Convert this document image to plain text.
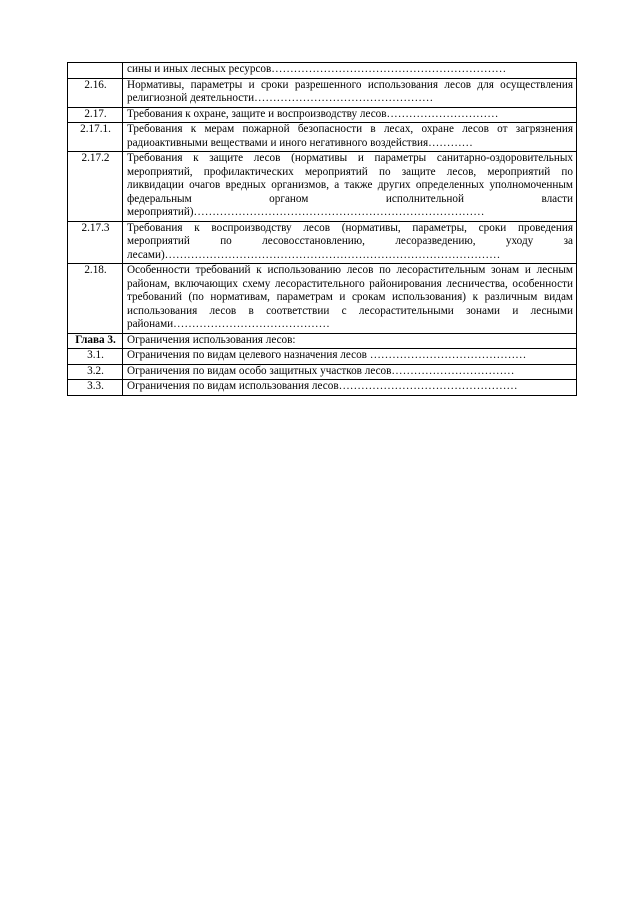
	сины и иных лесных ресурсов………………………………………………………
2.16.	Нормативы, параметры и сроки разрешенного использования лесов для осуществления религиозной деятельности…………………………………………
2.17.	Требования к охране, защите и воспроизводству лесов…………………………
2.17.1.	Требования к мерам пожарной безопасности в лесах, охране лесов от загрязнения радиоактивными веществами и иного негативного воздействия…………
2.17.2	Требования к защите лесов (нормативы и параметры санитарно-оздоровительных мероприятий, профилактических мероприятий по защите лесов, мероприятий по ликвидации очагов вредных организмов, а также других определенных уполномоченным федеральным органом исполнительной власти мероприятий)……………………………………………………………………
2.17.3	Требования к воспроизводству лесов (нормативы, параметры, сроки проведения мероприятий по лесовосстановлению, лесоразведению, уходу за лесами)………………………………………………………………………………
2.18.	Особенности требований к использованию лесов по лесорастительным зонам и лесным районам, включающих схему лесорастительного районирования лесничества, особенности требований (по нормативам, параметрам и срокам использования) к различным видам использования лесов в соответствии с лесорастительными зонами и лесными районами……………………………………
Глава 3.	Ограничения использования лесов:
3.1.	Ограничения по видам целевого назначения лесов ……………………………………
3.2.	Ограничения по видам особо защитных участков лесов……………………………
3.3.	Ограничения по видам использования лесов…………………………………………
